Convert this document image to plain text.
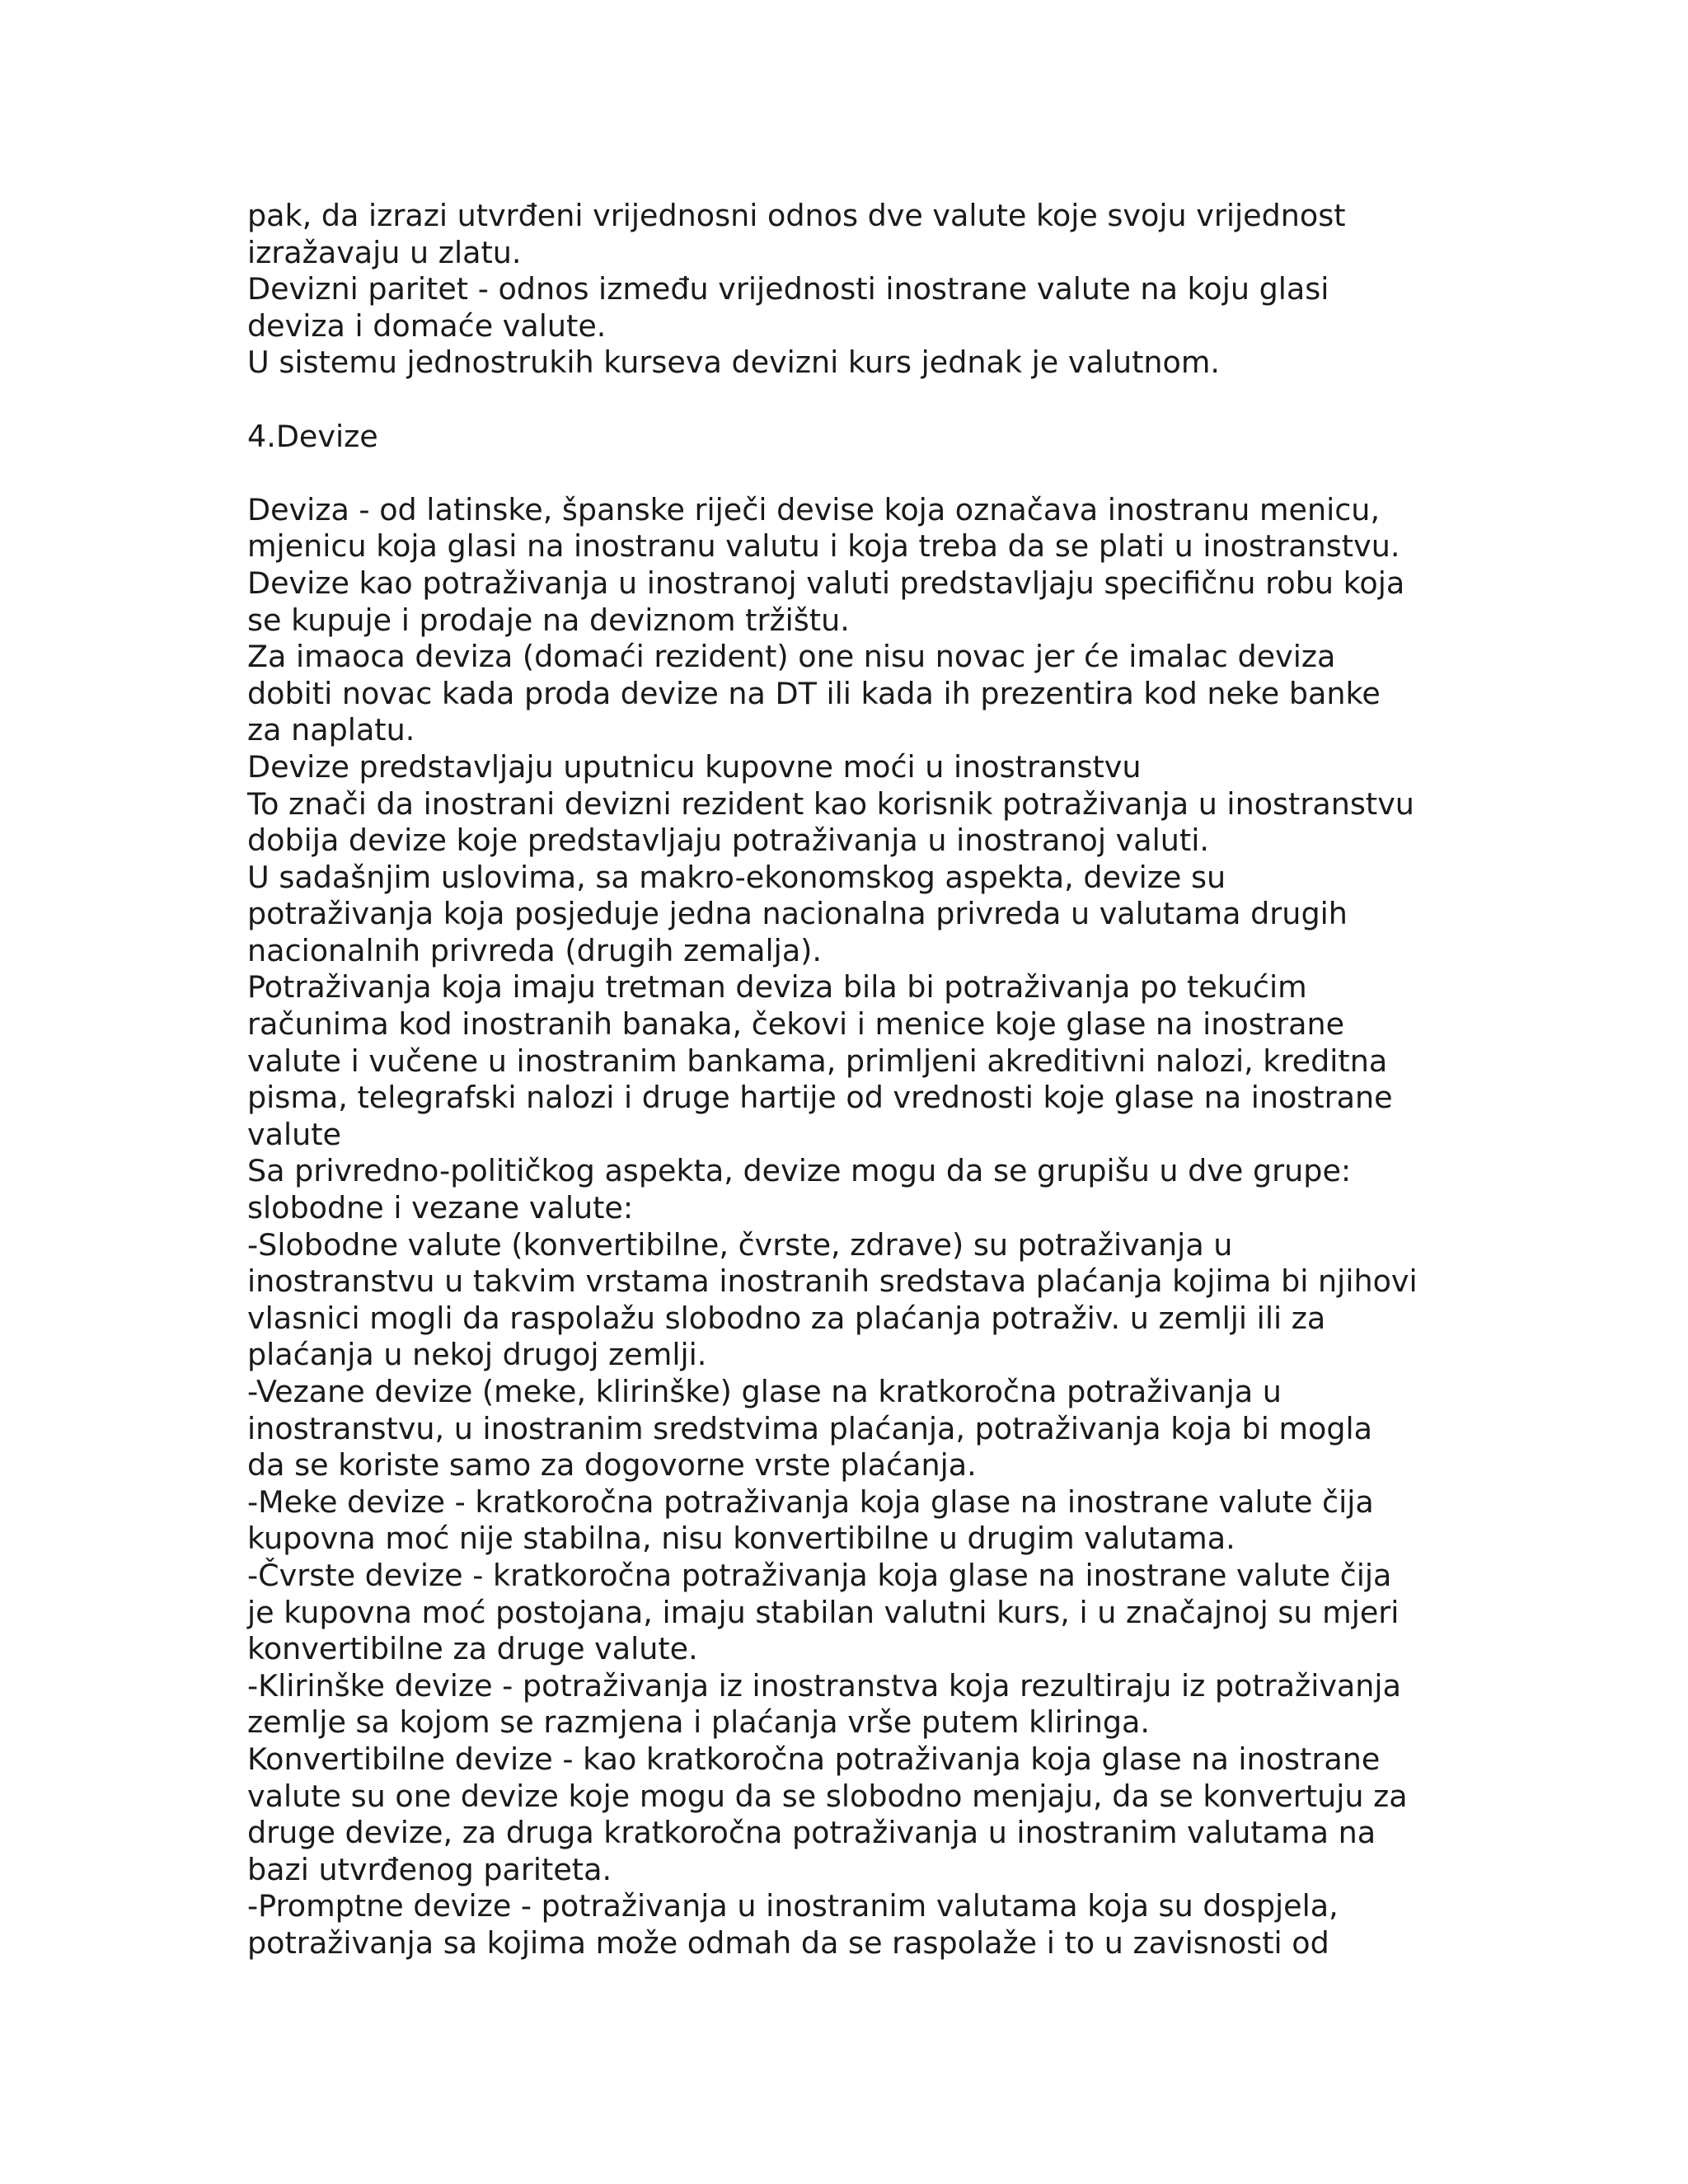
pak, da izrazi utvrđeni vrijednosni odnos dve valute koje svoju vrijednost
izražavaju u zlatu.
Devizni paritet - odnos između vrijednosti inostrane valute na koju glasi
deviza i domaće valute.
U sistemu jednostrukih kurseva devizni kurs jednak je valutnom.
4.Devize
Deviza - od latinske, španske riječi devise koja označava inostranu menicu,
mjenicu koja glasi na inostranu valutu i koja treba da se plati u inostranstvu.
Devize kao potraživanja u inostranoj valuti predstavljaju specifičnu robu koja
se kupuje i prodaje na deviznom tržištu.
Za imaoca deviza (domaći rezident) one nisu novac jer će imalac deviza
dobiti novac kada proda devize na DT ili kada ih prezentira kod neke banke
za naplatu.
Devize predstavljaju uputnicu kupovne moći u inostranstvu
To znači da inostrani devizni rezident kao korisnik potraživanja u inostranstvu
dobija devize koje predstavljaju potraživanja u inostranoj valuti.
U sadašnjim uslovima, sa makro-ekonomskog aspekta, devize su
potraživanja koja posjeduje jedna nacionalna privreda u valutama drugih
nacionalnih privreda (drugih zemalja).
Potraživanja koja imaju tretman deviza bila bi potraživanja po tekućim
računima kod inostranih banaka, čekovi i menice koje glase na inostrane
valute i vučene u inostranim bankama, primljeni akreditivni nalozi, kreditna
pisma, telegrafski nalozi i druge hartije od vrednosti koje glase na inostrane
valute
Sa privredno-političkog aspekta, devize mogu da se grupišu u dve grupe:
slobodne i vezane valute:
-Slobodne valute (konvertibilne, čvrste, zdrave) su potraživanja u
inostranstvu u takvim vrstama inostranih sredstava plaćanja kojima bi njihovi
vlasnici mogli da raspolažu slobodno za plaćanja potraživ. u zemlji ili za
plaćanja u nekoj drugoj zemlji.
-Vezane devize (meke, klirinške) glase na kratkoročna potraživanja u
inostranstvu, u inostranim sredstvima plaćanja, potraživanja koja bi mogla
da se koriste samo za dogovorne vrste plaćanja.
-Meke devize - kratkoročna potraživanja koja glase na inostrane valute čija
kupovna moć nije stabilna, nisu konvertibilne u drugim valutama.
-Čvrste devize - kratkoročna potraživanja koja glase na inostrane valute čija
je kupovna moć postojana, imaju stabilan valutni kurs, i u značajnoj su mjeri
konvertibilne za druge valute.
-Klirinške devize - potraživanja iz inostranstva koja rezultiraju iz potraživanja
zemlje sa kojom se razmjena i plaćanja vrše putem kliringa.
Konvertibilne devize - kao kratkoročna potraživanja koja glase na inostrane
valute su one devize koje mogu da se slobodno menjaju, da se konvertuju za
druge devize, za druga kratkoročna potraživanja u inostranim valutama na
bazi utvrđenog pariteta.
-Promptne devize - potraživanja u inostranim valutama koja su dospjela,
potraživanja sa kojima može odmah da se raspolaže i to u zavisnosti od
